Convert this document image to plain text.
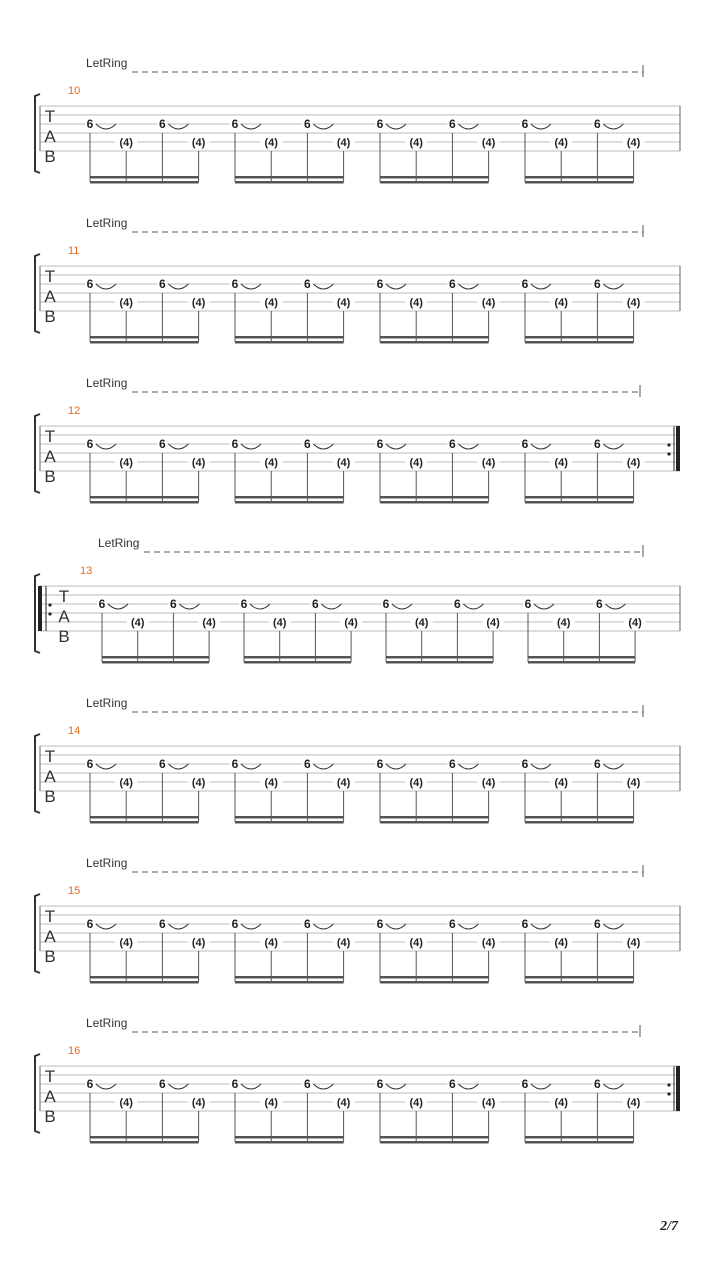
LetRing
10
T
A
B
6
(4)
6
(4)
6
(4)
6
(4)
6
(4)
6
(4)
6
(4)
6
(4)
LetRing
11
T
A
B
6
(4)
6
(4)
6
(4)
6
(4)
6
(4)
6
(4)
6
(4)
6
(4)
LetRing
12
T
A
B
6
(4)
6
(4)
6
(4)
6
(4)
6
(4)
6
(4)
6
(4)
6
(4)
LetRing
13
T
A
B
6
(4)
6
(4)
6
(4)
6
(4)
6
(4)
6
(4)
6
(4)
6
(4)
LetRing
14
T
A
B
6
(4)
6
(4)
6
(4)
6
(4)
6
(4)
6
(4)
6
(4)
6
(4)
LetRing
15
T
A
B
6
(4)
6
(4)
6
(4)
6
(4)
6
(4)
6
(4)
6
(4)
6
(4)
LetRing
16
T
A
B
6
(4)
6
(4)
6
(4)
6
(4)
6
(4)
6
(4)
6
(4)
6
(4)
2/7
